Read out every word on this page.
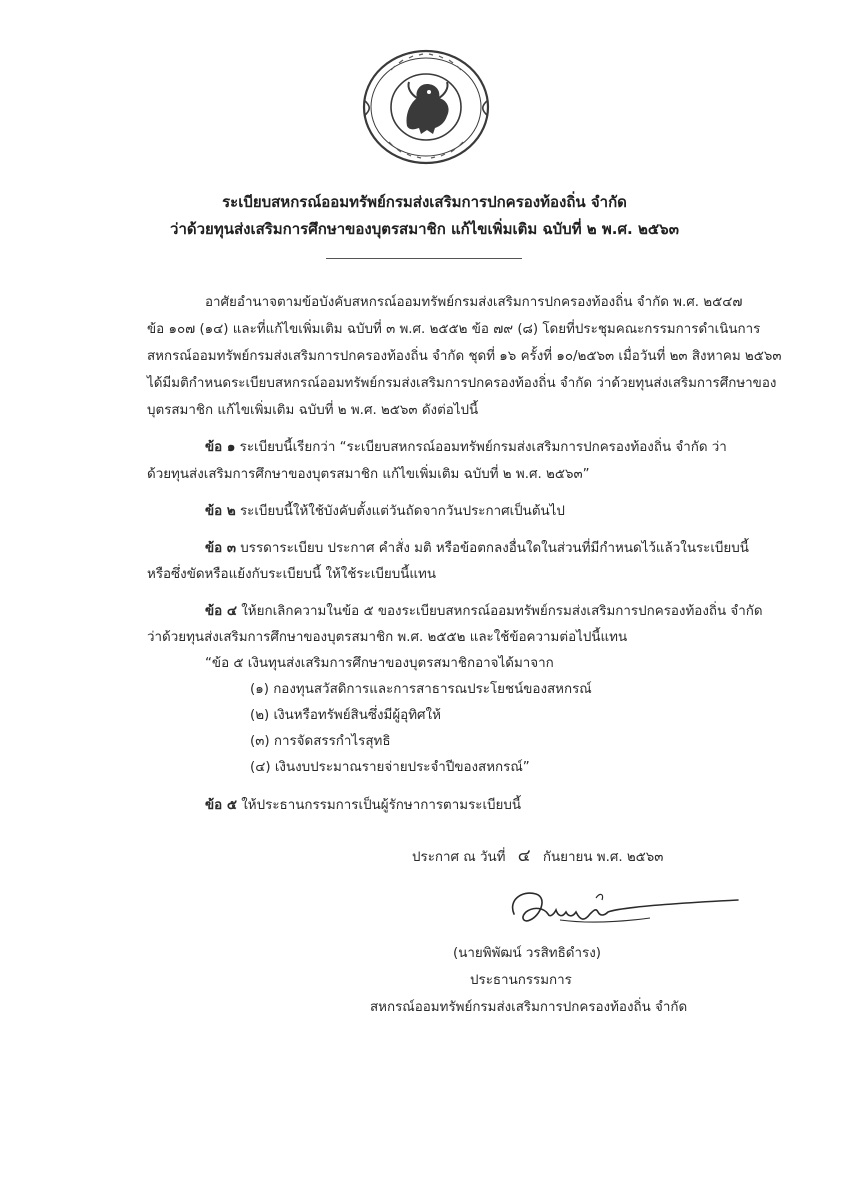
ระเบียบสหกรณ์ออมทรัพย์กรมส่งเสริมการปกครองท้องถิ่น จำกัด
ว่าด้วยทุนส่งเสริมการศึกษาของบุตรสมาชิก แก้ไขเพิ่มเติม ฉบับที่ ๒ พ.ศ. ๒๕๖๓
อาศัยอำนาจตามข้อบังคับสหกรณ์ออมทรัพย์กรมส่งเสริมการปกครองท้องถิ่น จำกัด พ.ศ. ๒๕๔๗
ข้อ ๑๐๗ (๑๔) และที่แก้ไขเพิ่มเติม ฉบับที่ ๓ พ.ศ. ๒๕๕๒ ข้อ ๗๙ (๘) โดยที่ประชุมคณะกรรมการดำเนินการ
สหกรณ์ออมทรัพย์กรมส่งเสริมการปกครองท้องถิ่น จำกัด ชุดที่ ๑๖ ครั้งที่ ๑๐/๒๕๖๓ เมื่อวันที่ ๒๓ สิงหาคม ๒๕๖๓
ได้มีมติกำหนดระเบียบสหกรณ์ออมทรัพย์กรมส่งเสริมการปกครองท้องถิ่น จำกัด ว่าด้วยทุนส่งเสริมการศึกษาของ
บุตรสมาชิก แก้ไขเพิ่มเติม ฉบับที่ ๒ พ.ศ. ๒๕๖๓ ดังต่อไปนี้
ข้อ ๑ ระเบียบนี้เรียกว่า “ระเบียบสหกรณ์ออมทรัพย์กรมส่งเสริมการปกครองท้องถิ่น จำกัด ว่า
ด้วยทุนส่งเสริมการศึกษาของบุตรสมาชิก แก้ไขเพิ่มเติม ฉบับที่ ๒ พ.ศ. ๒๕๖๓”
ข้อ ๒ ระเบียบนี้ให้ใช้บังคับตั้งแต่วันถัดจากวันประกาศเป็นต้นไป
ข้อ ๓ บรรดาระเบียบ ประกาศ คำสั่ง มติ หรือข้อตกลงอื่นใดในส่วนที่มีกำหนดไว้แล้วในระเบียบนี้
หรือซึ่งขัดหรือแย้งกับระเบียบนี้ ให้ใช้ระเบียบนี้แทน
ข้อ ๔ ให้ยกเลิกความในข้อ ๕ ของระเบียบสหกรณ์ออมทรัพย์กรมส่งเสริมการปกครองท้องถิ่น จำกัด
ว่าด้วยทุนส่งเสริมการศึกษาของบุตรสมาชิก พ.ศ. ๒๕๕๒ และใช้ข้อความต่อไปนี้แทน
“ข้อ ๕ เงินทุนส่งเสริมการศึกษาของบุตรสมาชิกอาจได้มาจาก
(๑) กองทุนสวัสดิการและการสาธารณประโยชน์ของสหกรณ์
(๒) เงินหรือทรัพย์สินซึ่งมีผู้อุทิศให้
(๓) การจัดสรรกำไรสุทธิ
(๔) เงินงบประมาณรายจ่ายประจำปีของสหกรณ์”
ข้อ ๕ ให้ประธานกรรมการเป็นผู้รักษาการตามระเบียบนี้
ประกาศ ณ วันที่ ๔ กันยายน พ.ศ. ๒๕๖๓
(นายพิพัฒน์ วรสิทธิดำรง)
ประธานกรรมการ
สหกรณ์ออมทรัพย์กรมส่งเสริมการปกครองท้องถิ่น จำกัด
